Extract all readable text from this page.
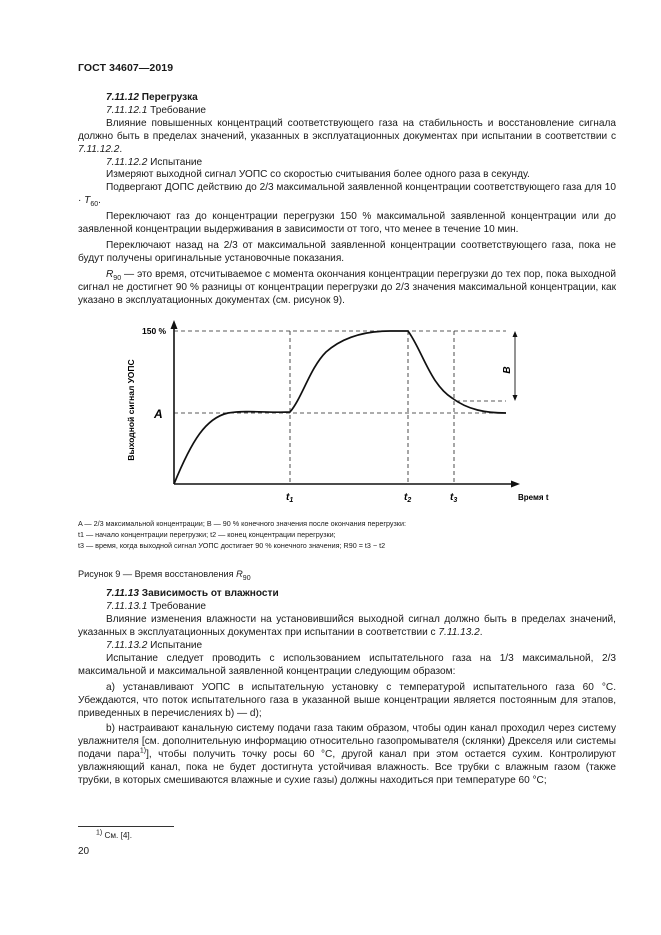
ГОСТ 34607—2019

7.11.12 Перегрузка

7.11.12.1 Требование

Влияние повышенных концентраций соответствующего газа на стабильность и восстановление сигнала должно быть в пределах значений, указанных в эксплуатационных документах при испытании в соответствии с 7.11.12.2.

7.11.12.2 Испытание

Измеряют выходной сигнал УОПС со скоростью считывания более одного раза в секунду.

Подвергают ДОПС действию до 2/3 максимальной заявленной концентрации соответствующего газа для $10 \cdot T_{60}$.

Переключают газ до концентрации перегрузки 150 % максимальной заявленной концентрации или до заявленной концентрации выдерживания в зависимости от того, что менее в течение 10 мин.

Переключают назад на 2/3 от максимальной заявленной концентрации соответствующего газа, пока не будут получены оригинальные установочные показания.

$R_{90}$ — это время, отсчитываемое с момента окончания концентрации перегрузки до тех пор, пока выходной сигнал не достигнет 90 % разницы от концентрации перегрузки до 2/3 значения максимальной концентрации, как указано в эксплуатационных документах (см. рисунок 9).

Выходной сигнал УОПС
150 %
A
B
$t_1$	$t_2$	$t_3$	Время t

A — 2/3 максимальной концентрации; B — 90 % конечного значения после окончания перегрузки:

t1 — начало концентрации перегрузки; t2 — конец концентрации перегрузки;

t3 — время, когда выходной сигнал УОПС достигает 90 % конечного значения; R90 = t3 − t2

Рисунок 9 — Время восстановления $R_{90}$

7.11.13 Зависимость от влажности

7.11.13.1 Требование

Влияние изменения влажности на установившийся выходной сигнал должно быть в пределах значений, указанных в эксплуатационных документах при испытании в соответствии с 7.11.13.2.

7.11.13.2 Испытание

Испытание следует проводить с использованием испытательного газа на 1/3 максимальной, 2/3 максимальной и максимальной заявленной концентрации следующим образом:

а) устанавливают УОПС в испытательную установку с температурой испытательного газа 60 °С. Убеждаются, что поток испытательного газа в указанной выше концентрации является постоянным для этапов, приведенных в перечислениях b) — d);

b) настраивают канальную систему подачи газа таким образом, чтобы один канал проходил через систему увлажнителя [см. дополнительную информацию относительно газопромывателя (склянки) Дрекселя или системы подачи пара$^{1)}$], чтобы получить точку росы 60 °С, другой канал при этом остается сухим. Контролируют увлажняющий канал, пока не будет достигнута устойчивая влажность. Все трубки с влажным газом (также трубки, в которых смешиваются влажные и сухие газы) должны находиться при температуре 60 °С;

$^{1)}$ См. [4].
20
